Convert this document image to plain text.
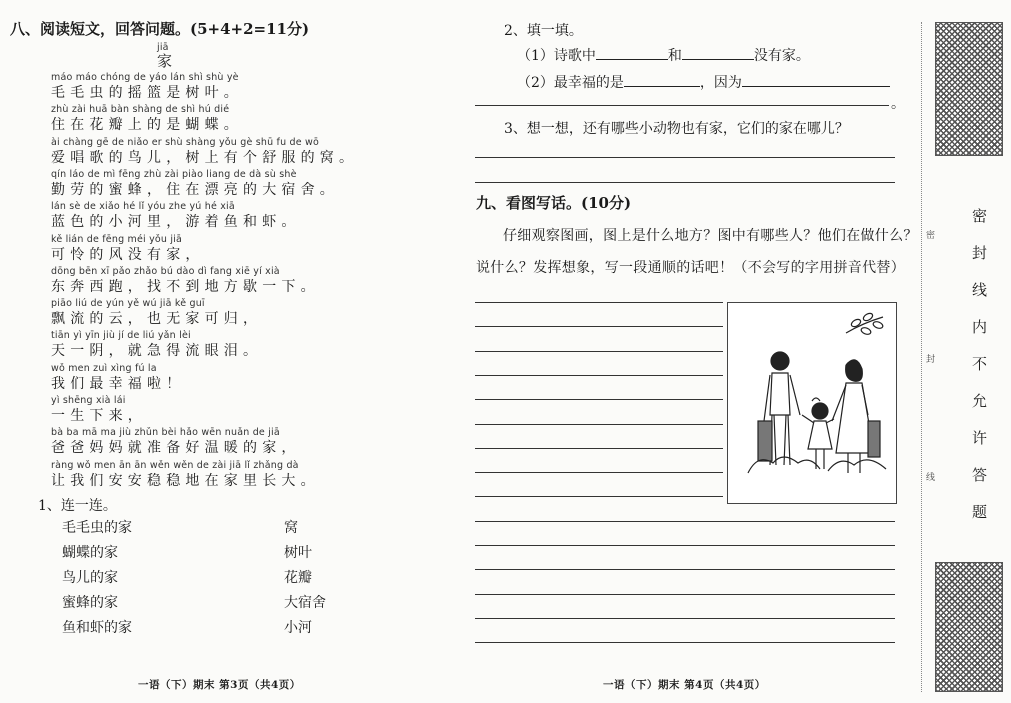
八、阅读短文，回答问题。(5+4+2=11分)
jiā
家
máo máo chóng de yáo lán shì shù yè
毛毛虫的摇篮是树叶。
zhù zài huā bàn shàng de shì hú dié
住在花瓣上的是蝴蝶。
ài chàng gē de niǎo er shù shàng yǒu gè shū fu de wō
爱唱歌的鸟儿，树上有个舒服的窝。
qín láo de mì fēng zhù zài piào liang de dà sù shè
勤劳的蜜蜂，住在漂亮的大宿舍。
lán sè de xiǎo hé lǐ yóu zhe yú hé xiā
蓝色的小河里，游着鱼和虾。
kě lián de fēng méi yǒu jiā
可怜的风没有家，
dōng bēn xī pǎo zhǎo bú dào dì fang xiē yí xià
东奔西跑，找不到地方歇一下。
piāo liú de yún yě wú jiā kě guī
飘流的云，也无家可归，
tiān yì yīn jiù jí de liú yǎn lèi
天一阴，就急得流眼泪。
wǒ men zuì xìng fú la
我们最幸福啦！
yì shēng xià lái
一生下来，
bà ba mā ma jiù zhǔn bèi hǎo wēn nuǎn de jiā
爸爸妈妈就准备好温暖的家，
ràng wǒ men ān ān wěn wěn de zài jiā lǐ zhǎng dà
让我们安安稳稳地在家里长大。
1、连一连。
毛毛虫的家	窝
蝴蝶的家	树叶
鸟儿的家	花瓣
蜜蜂的家	大宿舍
鱼和虾的家	小河
一语（下）期末 第3页（共4页）
2、填一填。
（1）诗歌中	和	没有家。
（2）最幸福的是	，因为
。
3、想一想，还有哪些小动物也有家，它们的家在哪儿？
九、看图写话。(10分)
仔细观察图画，图上是什么地方？图中有哪些人？他们在做什么？
说什么？发挥想象，写一段通顺的话吧！（不会写的字用拼音代替）
一语（下）期末 第4页（共4页）
密
封
线
密
封
线
内
不
允
许
答
题
